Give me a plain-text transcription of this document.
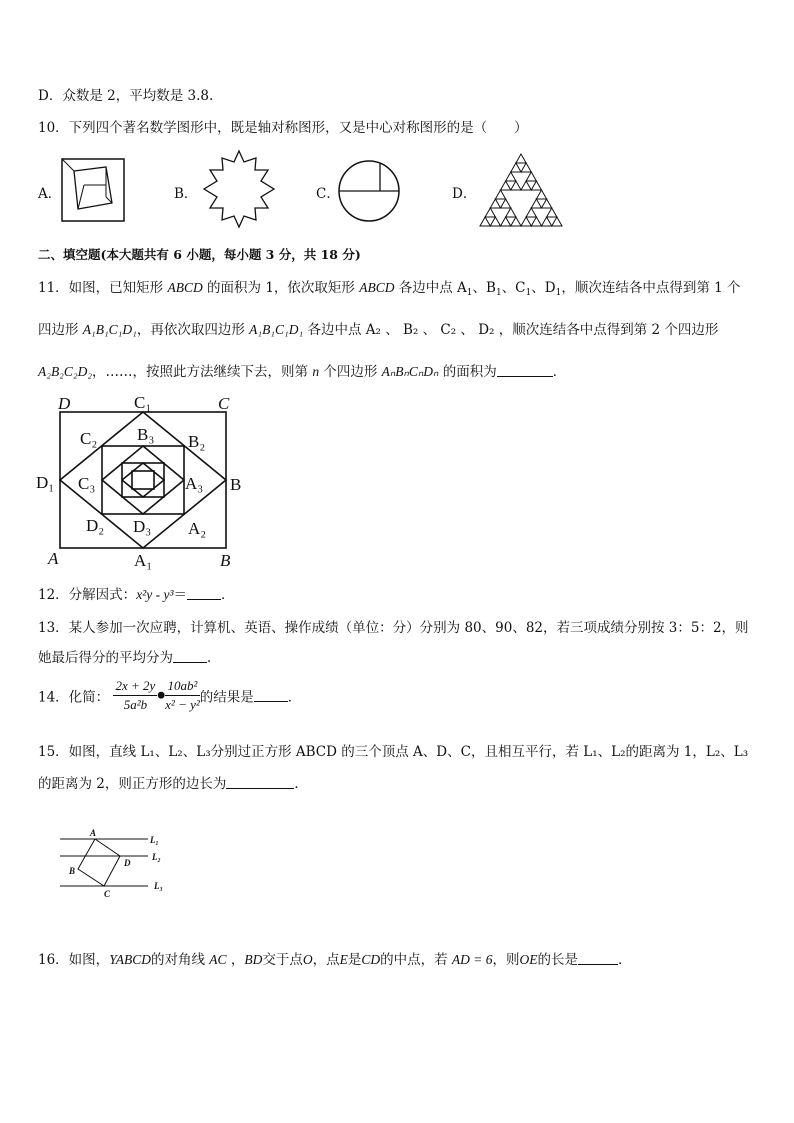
D．众数是 2，平均数是 3.8.
10．下列四个著名数学图形中，既是轴对称图形，又是中心对称图形的是（　　）
A．	B．	C．	D．
二、填空题(本大题共有 6 小题，每小题 3 分，共 18 分)
11．如图，已知矩形 ABCD 的面积为 1，依次取矩形 ABCD 各边中点 $A_1$、$B_1$、$C_1$、$D_1$，顺次连结各中点得到第 1 个
四边形 A₁B₁C₁D₁，再依次取四边形 A₁B₁C₁D₁ 各边中点 A₂ 、 B₂ 、 C₂ 、 D₂ ，顺次连结各中点得到第 2 个四边形
A₂B₂C₂D₂，……，按照此方法继续下去，则第 n 个四边形 AₙBₙCₙDₙ 的面积为	．
D	C₁	C
C₂ B₃ B₂
D₁ C₃	A₃ B
D₂ D₃ A₂
A	A₁	B
12．分解因式：x²y - y³＝	．
13．某人参加一次应聘，计算机、英语、操作成绩（单位：分）分别为 80、90、82，若三项成绩分别按 3：5：2，则
她最后得分的平均分为	．
14．化简： $\frac{2x + 2y}{\text{5a²b}}$ ● $\frac{\text{10ab²}}{\text{x² − y²}}$ 的结果是	．
15．如图，直线 L₁、L₂、L₃分别过正方形 ABCD 的三个顶点 A、D、C，且相互平行，若 L₁、L₂的距离为 1，L₂、L₃
的距离为 2，则正方形的边长为	．
A
L₁
D
L₂
B
C
L₃
16．如图，YABCD的对角线 AC ，BD交于点O，点E是CD的中点，若 AD = 6，则OE的长是	．
